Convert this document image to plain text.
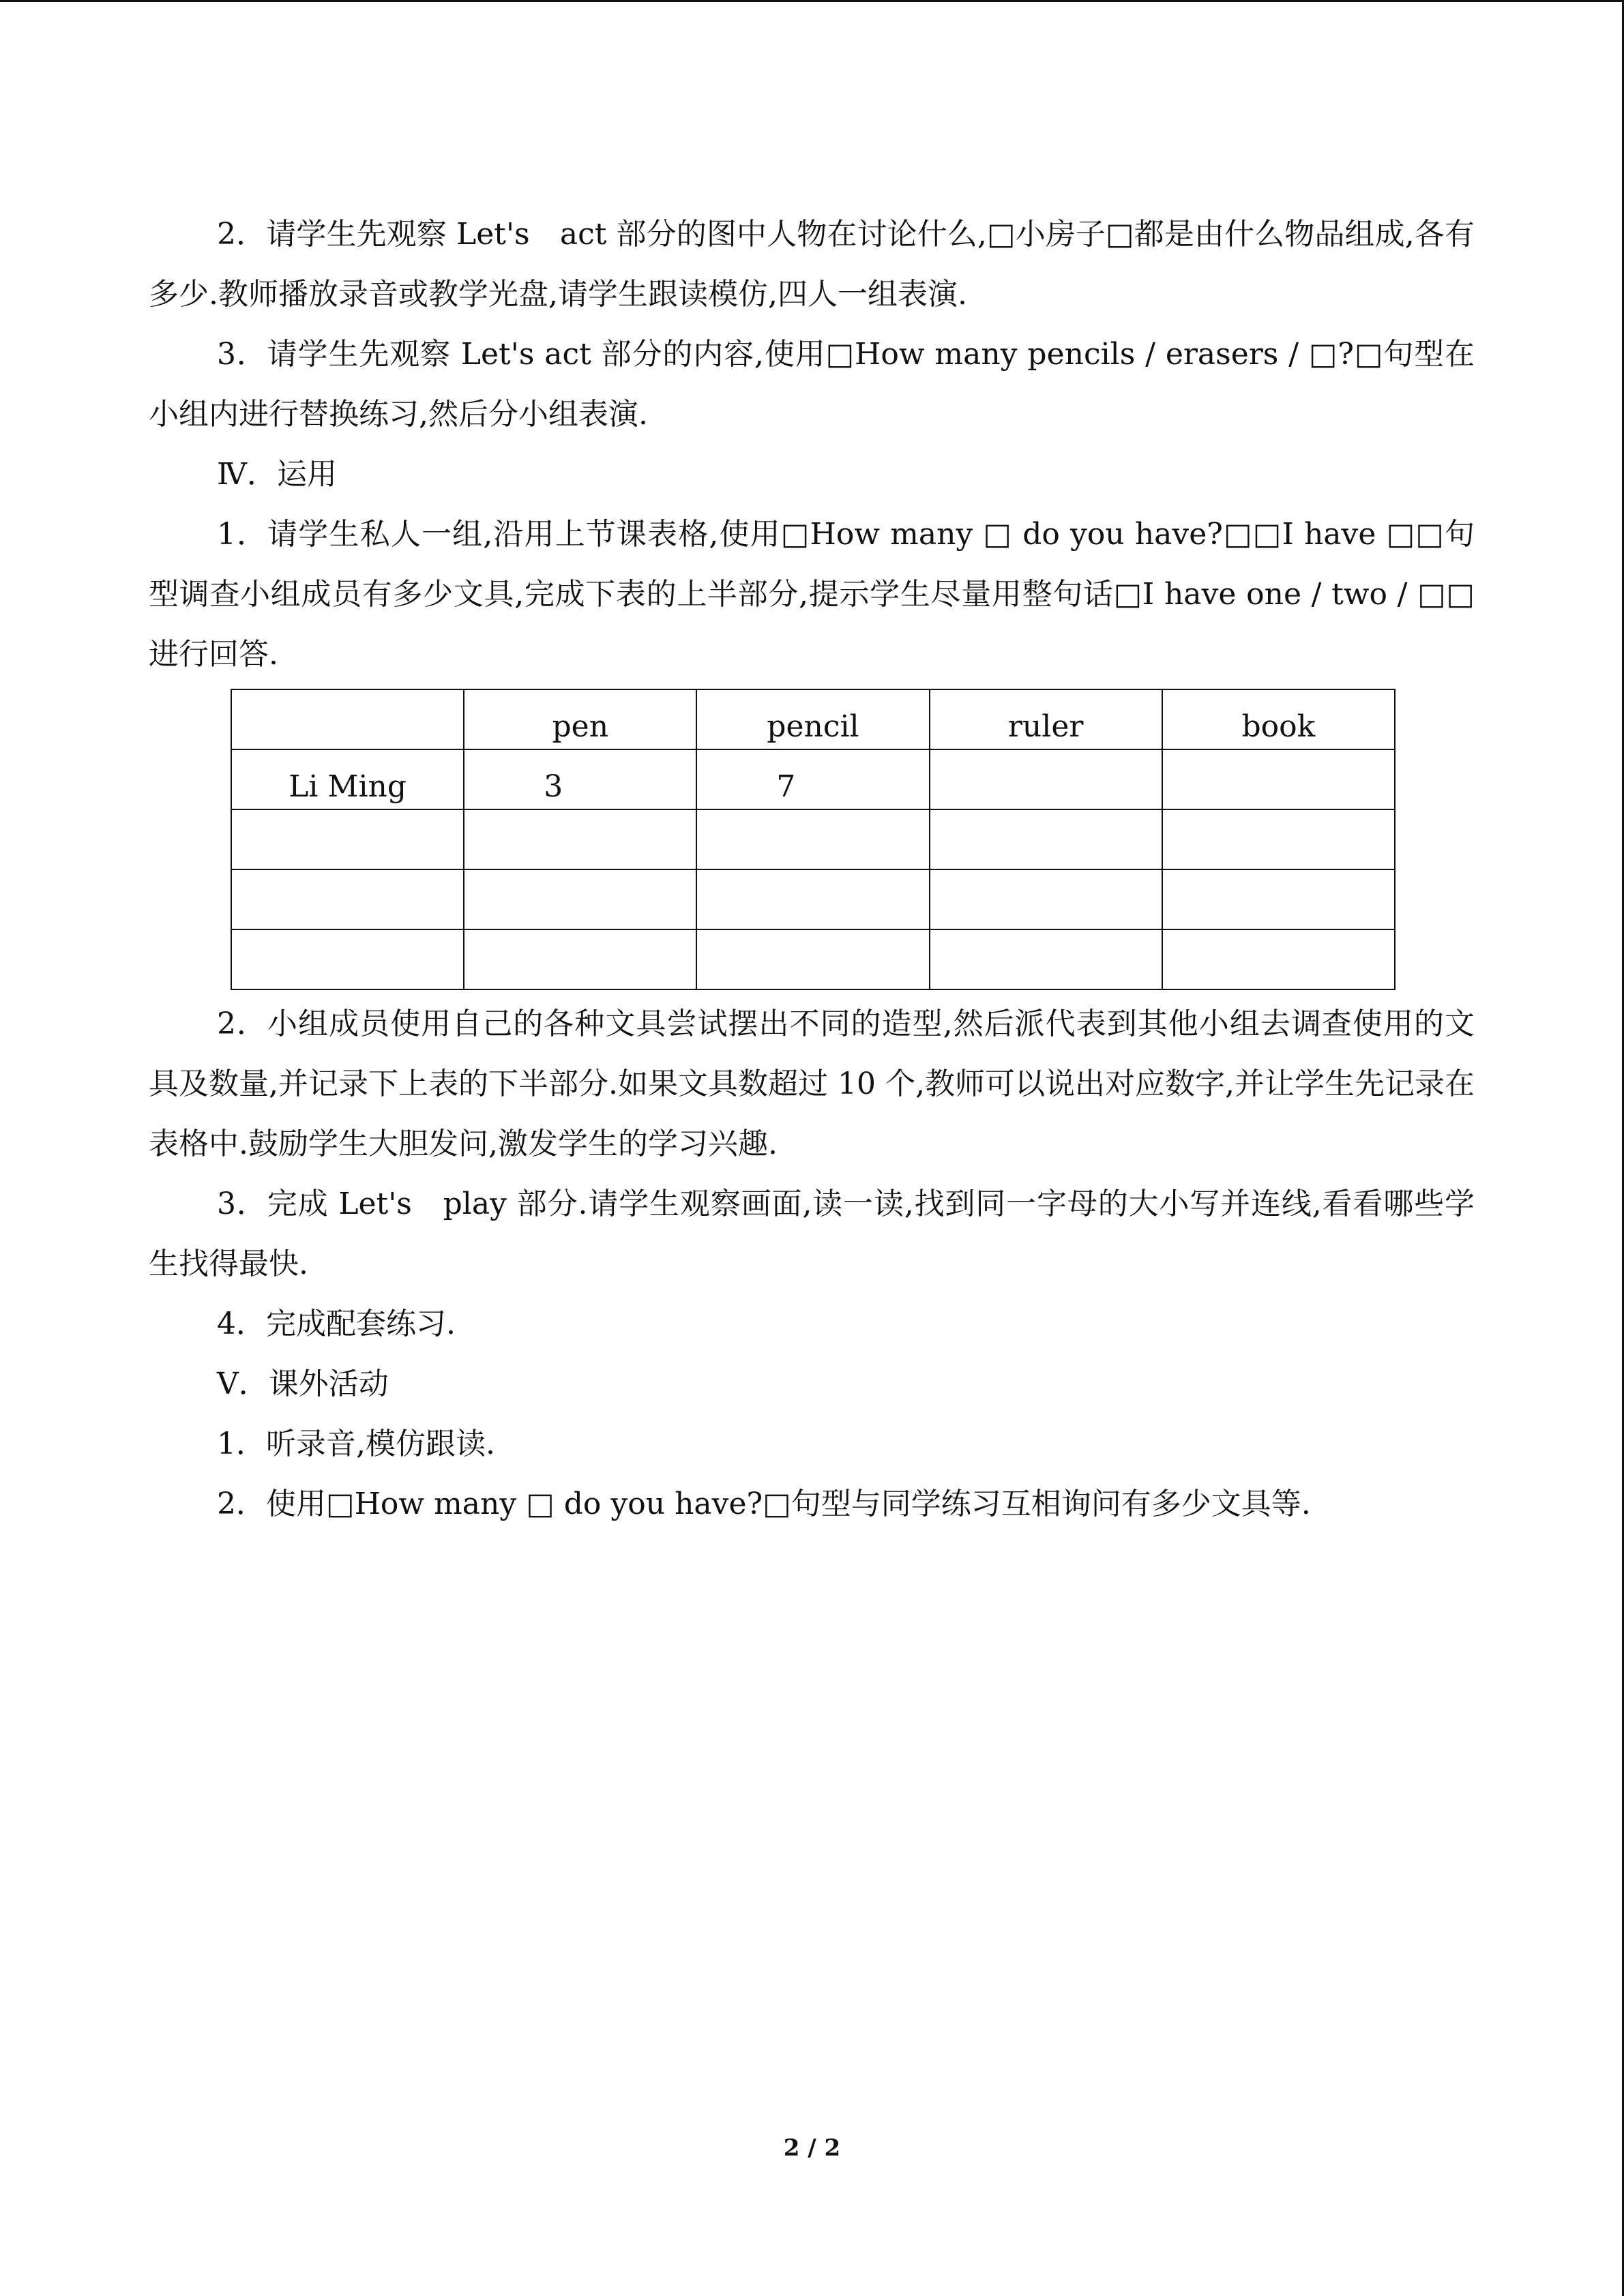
2．请学生先观察 Let's　act 部分的图中人物在讨论什么,□小房子□都是由什么物品组成,各有多少.教师播放录音或教学光盘,请学生跟读模仿,四人一组表演.

3．请学生先观察 Let's act 部分的内容,使用□How many pencils / erasers / □?□句型在小组内进行替换练习,然后分小组表演.

Ⅳ．运用

1．请学生私人一组,沿用上节课表格,使用□How many □ do you have?□□I have □□句型调查小组成员有多少文具,完成下表的上半部分,提示学生尽量用整句话□I have one / two / □□进行回答.

	pen	pencil	ruler	book

Li Ming	3	7		

2．小组成员使用自己的各种文具尝试摆出不同的造型,然后派代表到其他小组去调查使用的文具及数量,并记录下上表的下半部分.如果文具数超过 10 个,教师可以说出对应数字,并让学生先记录在表格中.鼓励学生大胆发问,激发学生的学习兴趣.

3．完成 Let's　play 部分.请学生观察画面,读一读,找到同一字母的大小写并连线,看看哪些学生找得最快.

4．完成配套练习.

Ⅴ．课外活动

1．听录音,模仿跟读.

2．使用□How many □ do you have?□句型与同学练习互相询问有多少文具等.

2 / 2
